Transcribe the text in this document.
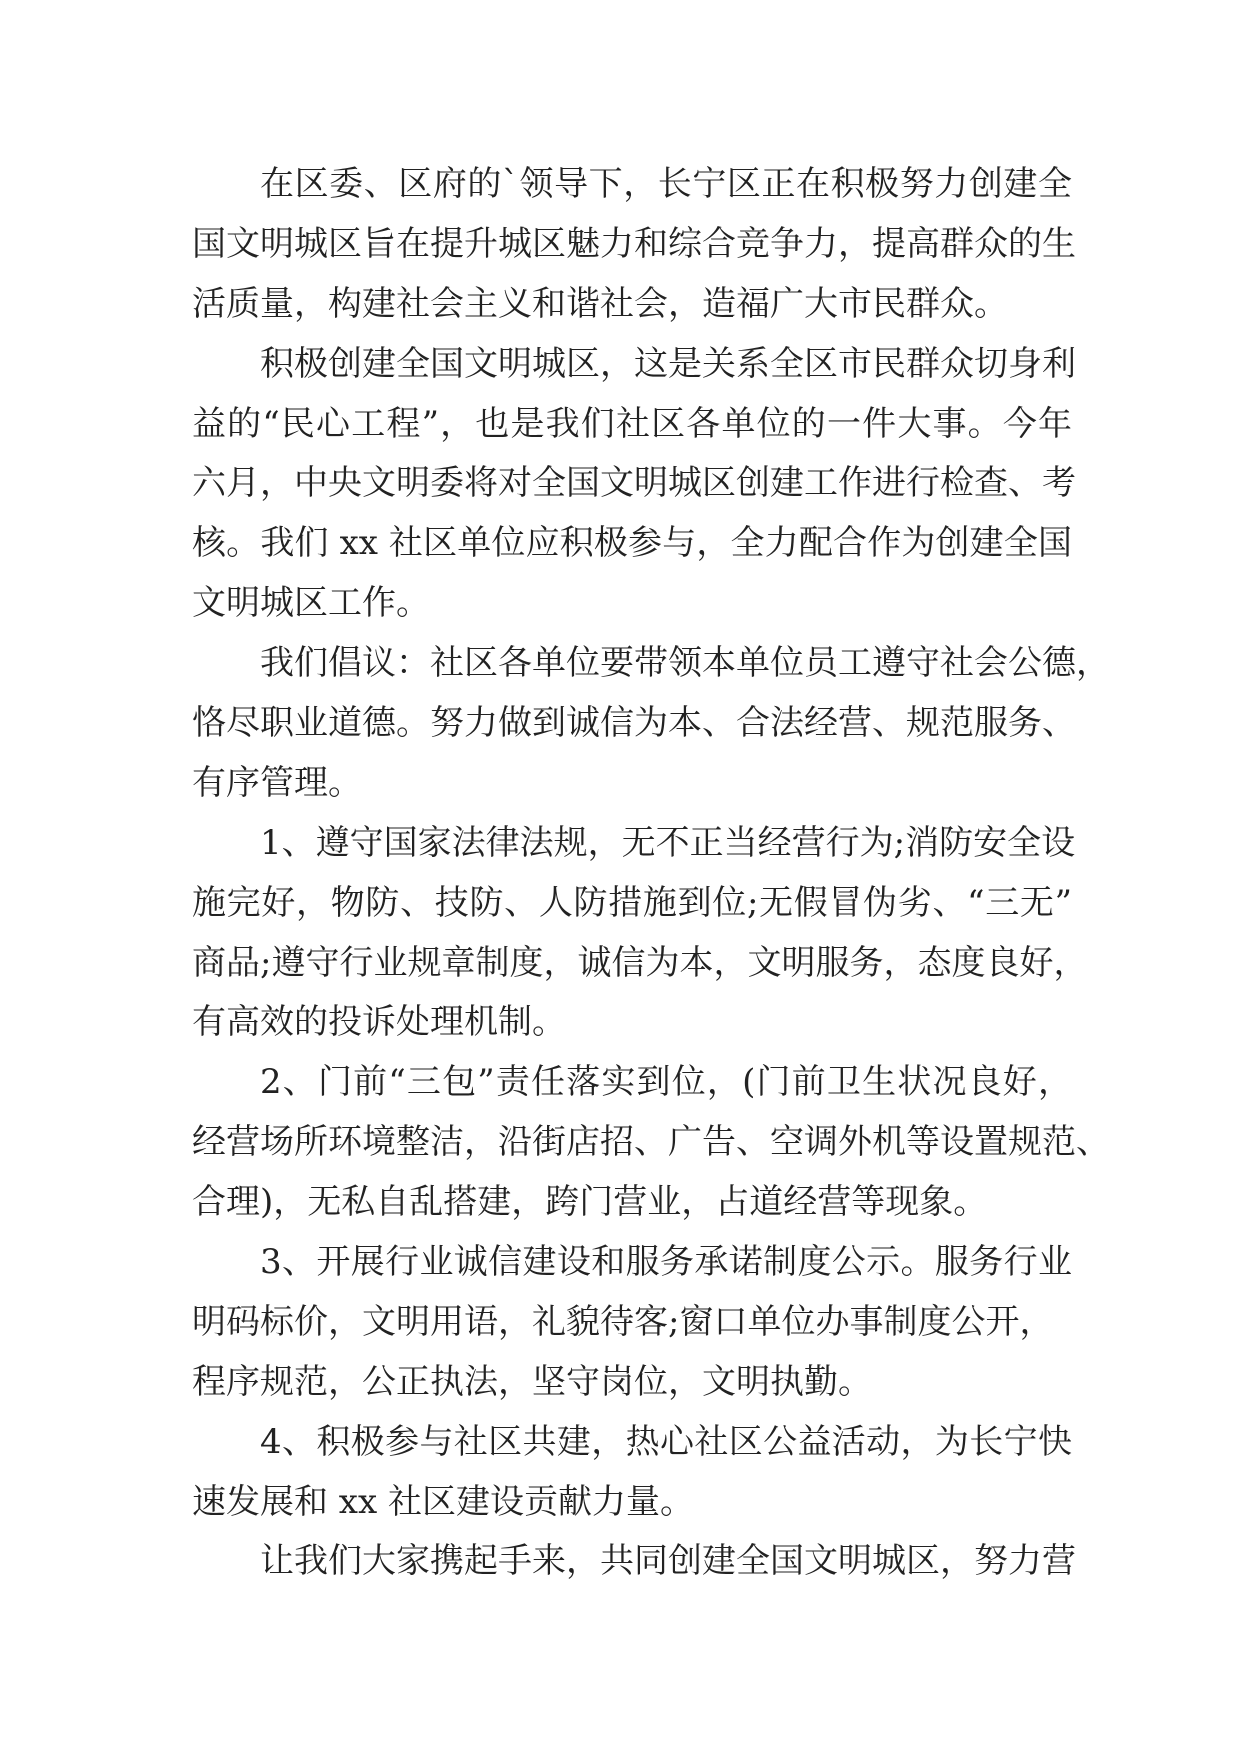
在区委、区府的`领导下，长宁区正在积极努力创建全
国文明城区旨在提升城区魅力和综合竞争力，提高群众的生
活质量，构建社会主义和谐社会，造福广大市民群众。
积极创建全国文明城区，这是关系全区市民群众切身利
益的“民心工程”，也是我们社区各单位的一件大事。今年
六月，中央文明委将对全国文明城区创建工作进行检查、考
核。我们 xx 社区单位应积极参与，全力配合作为创建全国
文明城区工作。
我们倡议：社区各单位要带领本单位员工遵守社会公德，
恪尽职业道德。努力做到诚信为本、合法经营、规范服务、
有序管理。
1、遵守国家法律法规，无不正当经营行为;消防安全设
施完好，物防、技防、人防措施到位;无假冒伪劣、“三无”
商品;遵守行业规章制度，诚信为本，文明服务，态度良好，
有高效的投诉处理机制。
2、门前“三包”责任落实到位，(门前卫生状况良好，
经营场所环境整洁，沿街店招、广告、空调外机等设置规范、
合理)，无私自乱搭建，跨门营业，占道经营等现象。
3、开展行业诚信建设和服务承诺制度公示。服务行业
明码标价，文明用语，礼貌待客;窗口单位办事制度公开，
程序规范，公正执法，坚守岗位，文明执勤。
4、积极参与社区共建，热心社区公益活动，为长宁快
速发展和 xx 社区建设贡献力量。
让我们大家携起手来，共同创建全国文明城区，努力营
